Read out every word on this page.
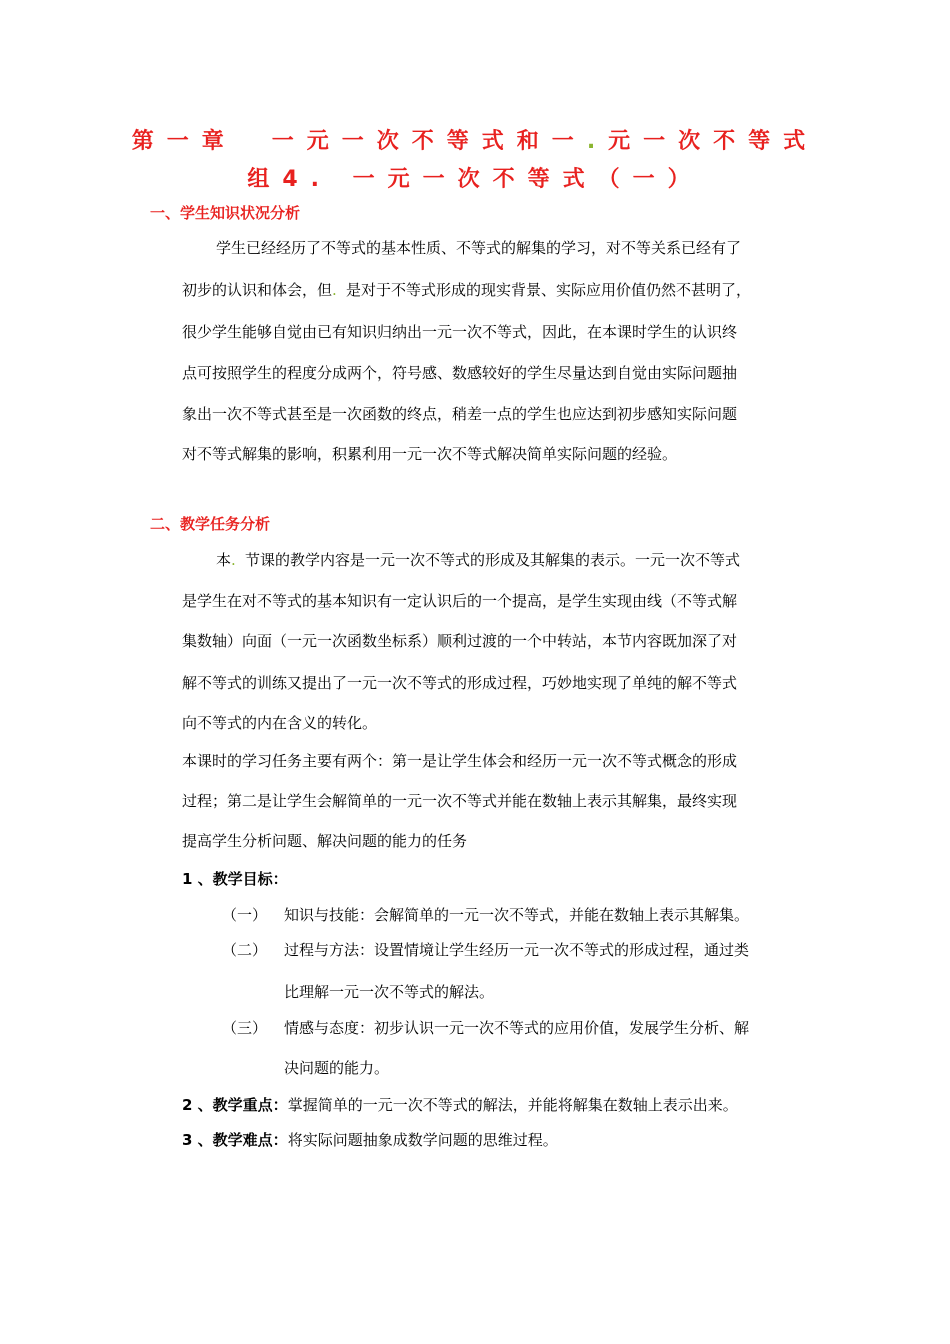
第一章　一元一次不等式和一.元一次不等式
组4. 一元一次不等式（一）
一、学生知识状况分析
学生已经经历了不等式的基本性质、不等式的解集的学习，对不等关系已经有了
初步的认识和体会，但. 是对于不等式形成的现实背景、实际应用价值仍然不甚明了，
很少学生能够自觉由已有知识归纳出一元一次不等式，因此，在本课时学生的认识终
点可按照学生的程度分成两个，符号感、数感较好的学生尽量达到自觉由实际问题抽
象出一次不等式甚至是一次函数的终点，稍差一点的学生也应达到初步感知实际问题
对不等式解集的影响，积累利用一元一次不等式解决简单实际问题的经验。
二、教学任务分析
本. 节课的教学内容是一元一次不等式的形成及其解集的表示。一元一次不等式
是学生在对不等式的基本知识有一定认识后的一个提高，是学生实现由线（不等式解
集数轴）向面（一元一次函数坐标系）顺利过渡的一个中转站，本节内容既加深了对
解不等式的训练又提出了一元一次不等式的形成过程，巧妙地实现了单纯的解不等式
向不等式的内在含义的转化。
本课时的学习任务主要有两个：第一是让学生体会和经历一元一次不等式概念的形成
过程；第二是让学生会解简单的一元一次不等式并能在数轴上表示其解集，最终实现
提高学生分析问题、解决问题的能力的任务
1 、教学目标：
（一） 知识与技能：会解简单的一元一次不等式，并能在数轴上表示其解集。
（二） 过程与方法：设置情境让学生经历一元一次不等式的形成过程，通过类
比理解一元一次不等式的解法。
（三） 情感与态度：初步认识一元一次不等式的应用价值，发展学生分析、解
决问题的能力。
2 、教学重点：掌握简单的一元一次不等式的解法，并能将解集在数轴上表示出来。
3 、教学难点：将实际问题抽象成数学问题的思维过程。
